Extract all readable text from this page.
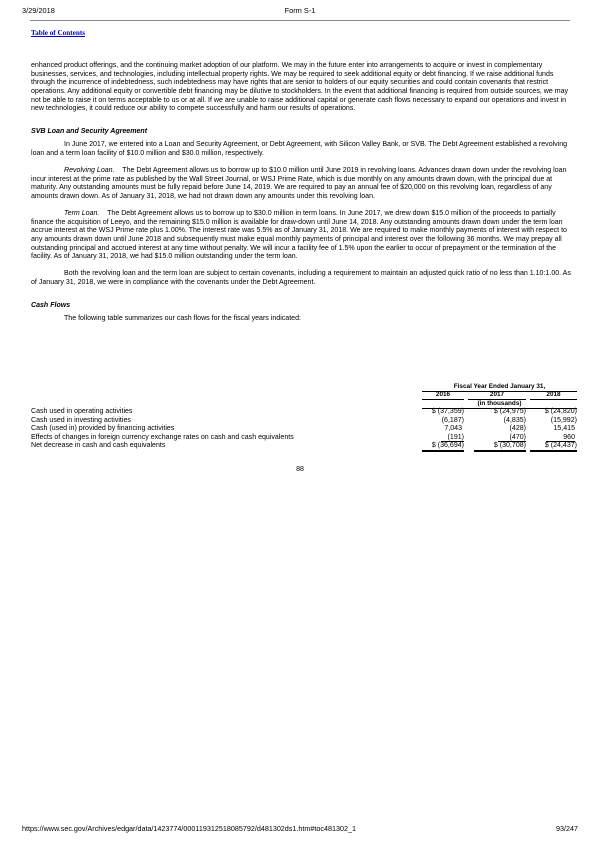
3/29/2018	Form S-1
Table of Contents

enhanced product offerings, and the continuing market adoption of our platform. We may in the future enter into arrangements to acquire or invest in complementary businesses, services, and technologies, including intellectual property rights. We may be required to seek additional equity or debt financing. If we raise additional funds through the incurrence of indebtedness, such indebtedness may have rights that are senior to holders of our equity securities and could contain covenants that restrict operations. Any additional equity or convertible debt financing may be dilutive to stockholders. In the event that additional financing is required from outside sources, we may not be able to raise it on terms acceptable to us or at all. If we are unable to raise additional capital or generate cash flows necessary to expand our operations and invest in new technologies, it could reduce our ability to compete successfully and harm our results of operations.

SVB Loan and Security Agreement

In June 2017, we entered into a Loan and Security Agreement, or Debt Agreement, with Silicon Valley Bank, or SVB. The Debt Agreement established a revolving loan and a term loan facility of $10.0 million and $30.0 million, respectively.

Revolving Loan. The Debt Agreement allows us to borrow up to $10.0 million until June 2019 in revolving loans. Advances drawn down under the revolving loan incur interest at the prime rate as published by the Wall Street Journal, or WSJ Prime Rate, which is due monthly on any amounts drawn down, with the principal due at maturity. Any outstanding amounts must be fully repaid before June 14, 2019. We are required to pay an annual fee of $20,000 on this revolving loan, regardless of any amounts drawn down. As of January 31, 2018, we had not drawn down any amounts under this revolving loan.

Term Loan. The Debt Agreement allows us to borrow up to $30.0 million in term loans. In June 2017, we drew down $15.0 million of the proceeds to partially finance the acquisition of Leeyo, and the remaining $15.0 million is available for draw-down until June 14, 2018. Any outstanding amounts drawn down under the term loan accrue interest at the WSJ Prime rate plus 1.00%. The interest rate was 5.5% as of January 31, 2018. We are required to make monthly payments of interest with respect to any amounts drawn down until June 2018 and subsequently must make equal monthly payments of principal and interest over the following 36 months. We may prepay all outstanding principal and accrued interest at any time without penalty. We will incur a facility fee of 1.5% upon the earlier to occur of prepayment or the termination of the facility. As of January 31, 2018, we had $15.0 million outstanding under the term loan.

Both the revolving loan and the term loan are subject to certain covenants, including a requirement to maintain an adjusted quick ratio of no less than 1.10:1.00. As of January 31, 2018, we were in compliance with the covenants under the Debt Agreement.

Cash Flows

The following table summarizes our cash flows for the fiscal years indicated:

Fiscal Year Ended January 31,
2016	2017	2018
(in thousands)
Cash used in operating activities	$ (37,359)	$ (24,975)	$ (24,820)
Cash used in investing activities	(6,187)	(4,835)	(15,992)
Cash (used in) provided by financing activities	7,043	(428)	15,415
Effects of changes in foreign currency exchange rates on cash and cash equivalents	(191)	(470)	960
Net decrease in cash and cash equivalents	$ (36,694)	$ (30,708)	$ (24,437)
88
https://www.sec.gov/Archives/edgar/data/1423774/000119312518085792/d481302ds1.htm#toc481302_1	93/247
